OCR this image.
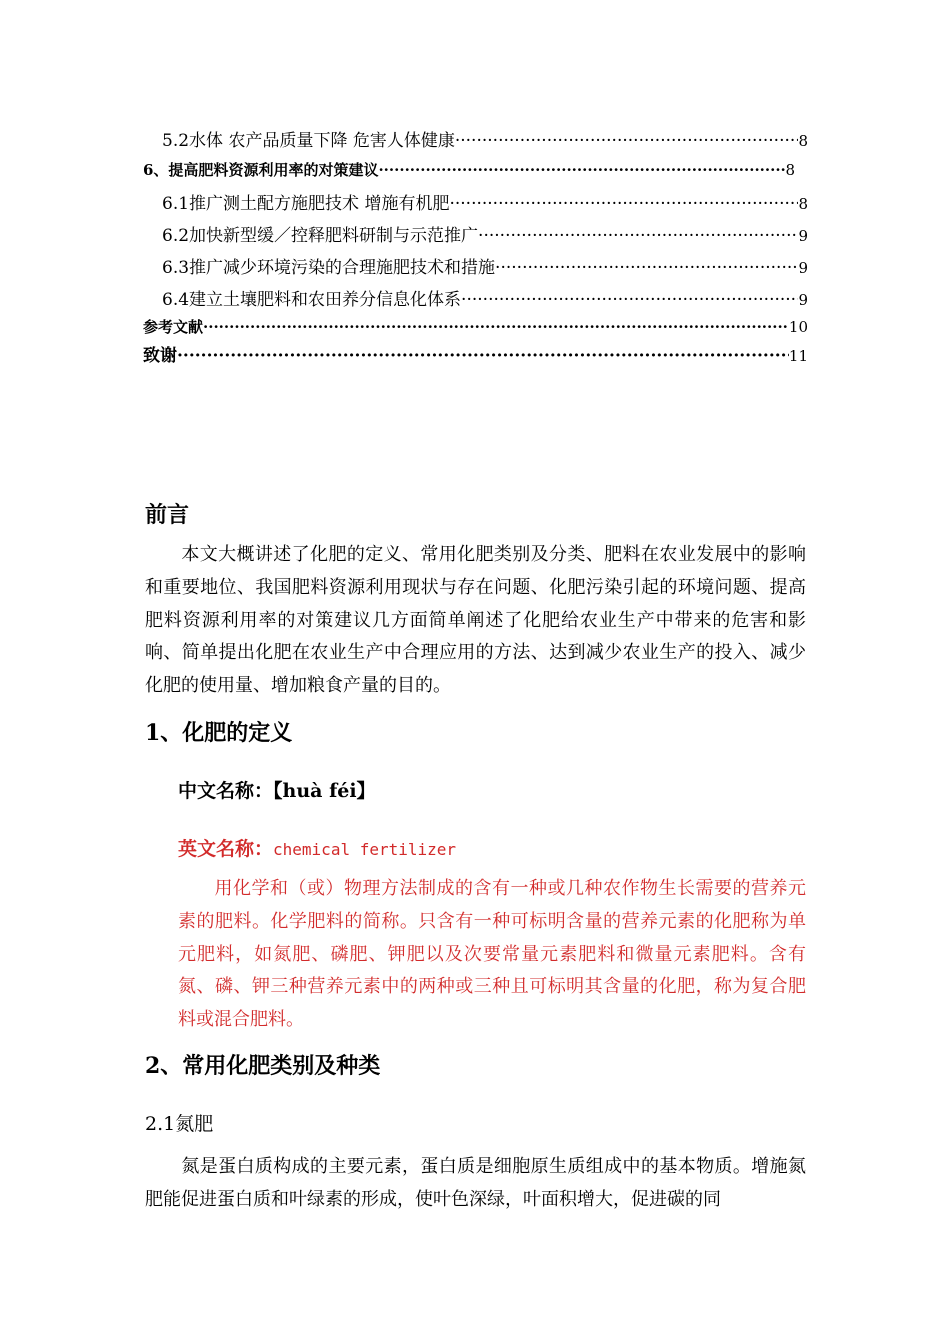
5.2水体 农产品质量下降 危害人体健康 ·····	8
6、提高肥料资源利用率的对策建议 ·····	8
6.1推广测土配方施肥技术 增施有机肥 ·····	8
6.2加快新型缓／控释肥料研制与示范推广 ·····	9
6.3推广减少环境污染的合理施肥技术和措施 ·····	9
6.4建立土壤肥料和农田养分信息化体系 ·····	9
参考文献 ·····	10
致谢 ·····	11
前言
本文大概讲述了化肥的定义、常用化肥类别及分类、肥料在农业发展中的影响和重要地位、我国肥料资源利用现状与存在问题、化肥污染引起的环境问题、提高肥料资源利用率的对策建议几方面简单阐述了化肥给农业生产中带来的危害和影响、简单提出化肥在农业生产中合理应用的方法、达到减少农业生产的投入、减少化肥的使用量、增加粮食产量的目的。
1、化肥的定义
中文名称：【huà féi】
英文名称：chemical fertilizer
用化学和（或）物理方法制成的含有一种或几种农作物生长需要的营养元素的肥料。化学肥料的简称。只含有一种可标明含量的营养元素的化肥称为单元肥料，如氮肥、磷肥、钾肥以及次要常量元素肥料和微量元素肥料。含有氮、磷、钾三种营养元素中的两种或三种且可标明其含量的化肥，称为复合肥料或混合肥料。
2、常用化肥类别及种类
2.1氮肥
氮是蛋白质构成的主要元素，蛋白质是细胞原生质组成中的基本物质。增施氮肥能促进蛋白质和叶绿素的形成，使叶色深绿，叶面积增大，促进碳的同
